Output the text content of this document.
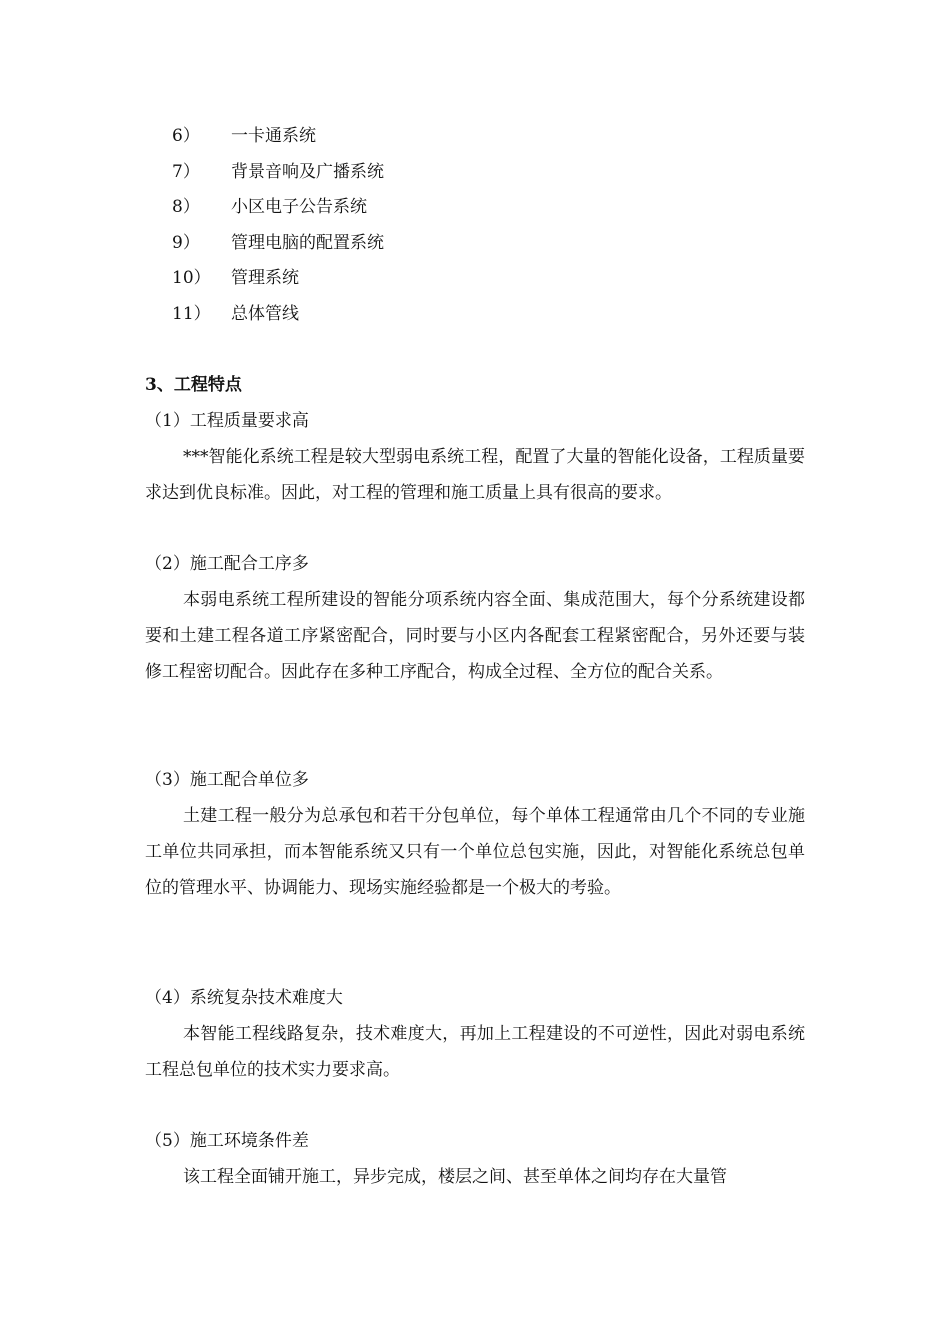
6） 一卡通系统
7） 背景音响及广播系统
8） 小区电子公告系统
9） 管理电脑的配置系统
10） 管理系统
11） 总体管线
3、工程特点
（1）工程质量要求高
***智能化系统工程是较大型弱电系统工程，配置了大量的智能化设备，工程质量要求达到优良标准。因此，对工程的管理和施工质量上具有很高的要求。
（2）施工配合工序多
本弱电系统工程所建设的智能分项系统内容全面、集成范围大，每个分系统建设都要和土建工程各道工序紧密配合，同时要与小区内各配套工程紧密配合，另外还要与装修工程密切配合。因此存在多种工序配合，构成全过程、全方位的配合关系。
（3）施工配合单位多
土建工程一般分为总承包和若干分包单位，每个单体工程通常由几个不同的专业施工单位共同承担，而本智能系统又只有一个单位总包实施，因此，对智能化系统总包单位的管理水平、协调能力、现场实施经验都是一个极大的考验。
（4）系统复杂技术难度大
本智能工程线路复杂，技术难度大，再加上工程建设的不可逆性，因此对弱电系统工程总包单位的技术实力要求高。
（5）施工环境条件差
该工程全面铺开施工，异步完成，楼层之间、甚至单体之间均存在大量管
